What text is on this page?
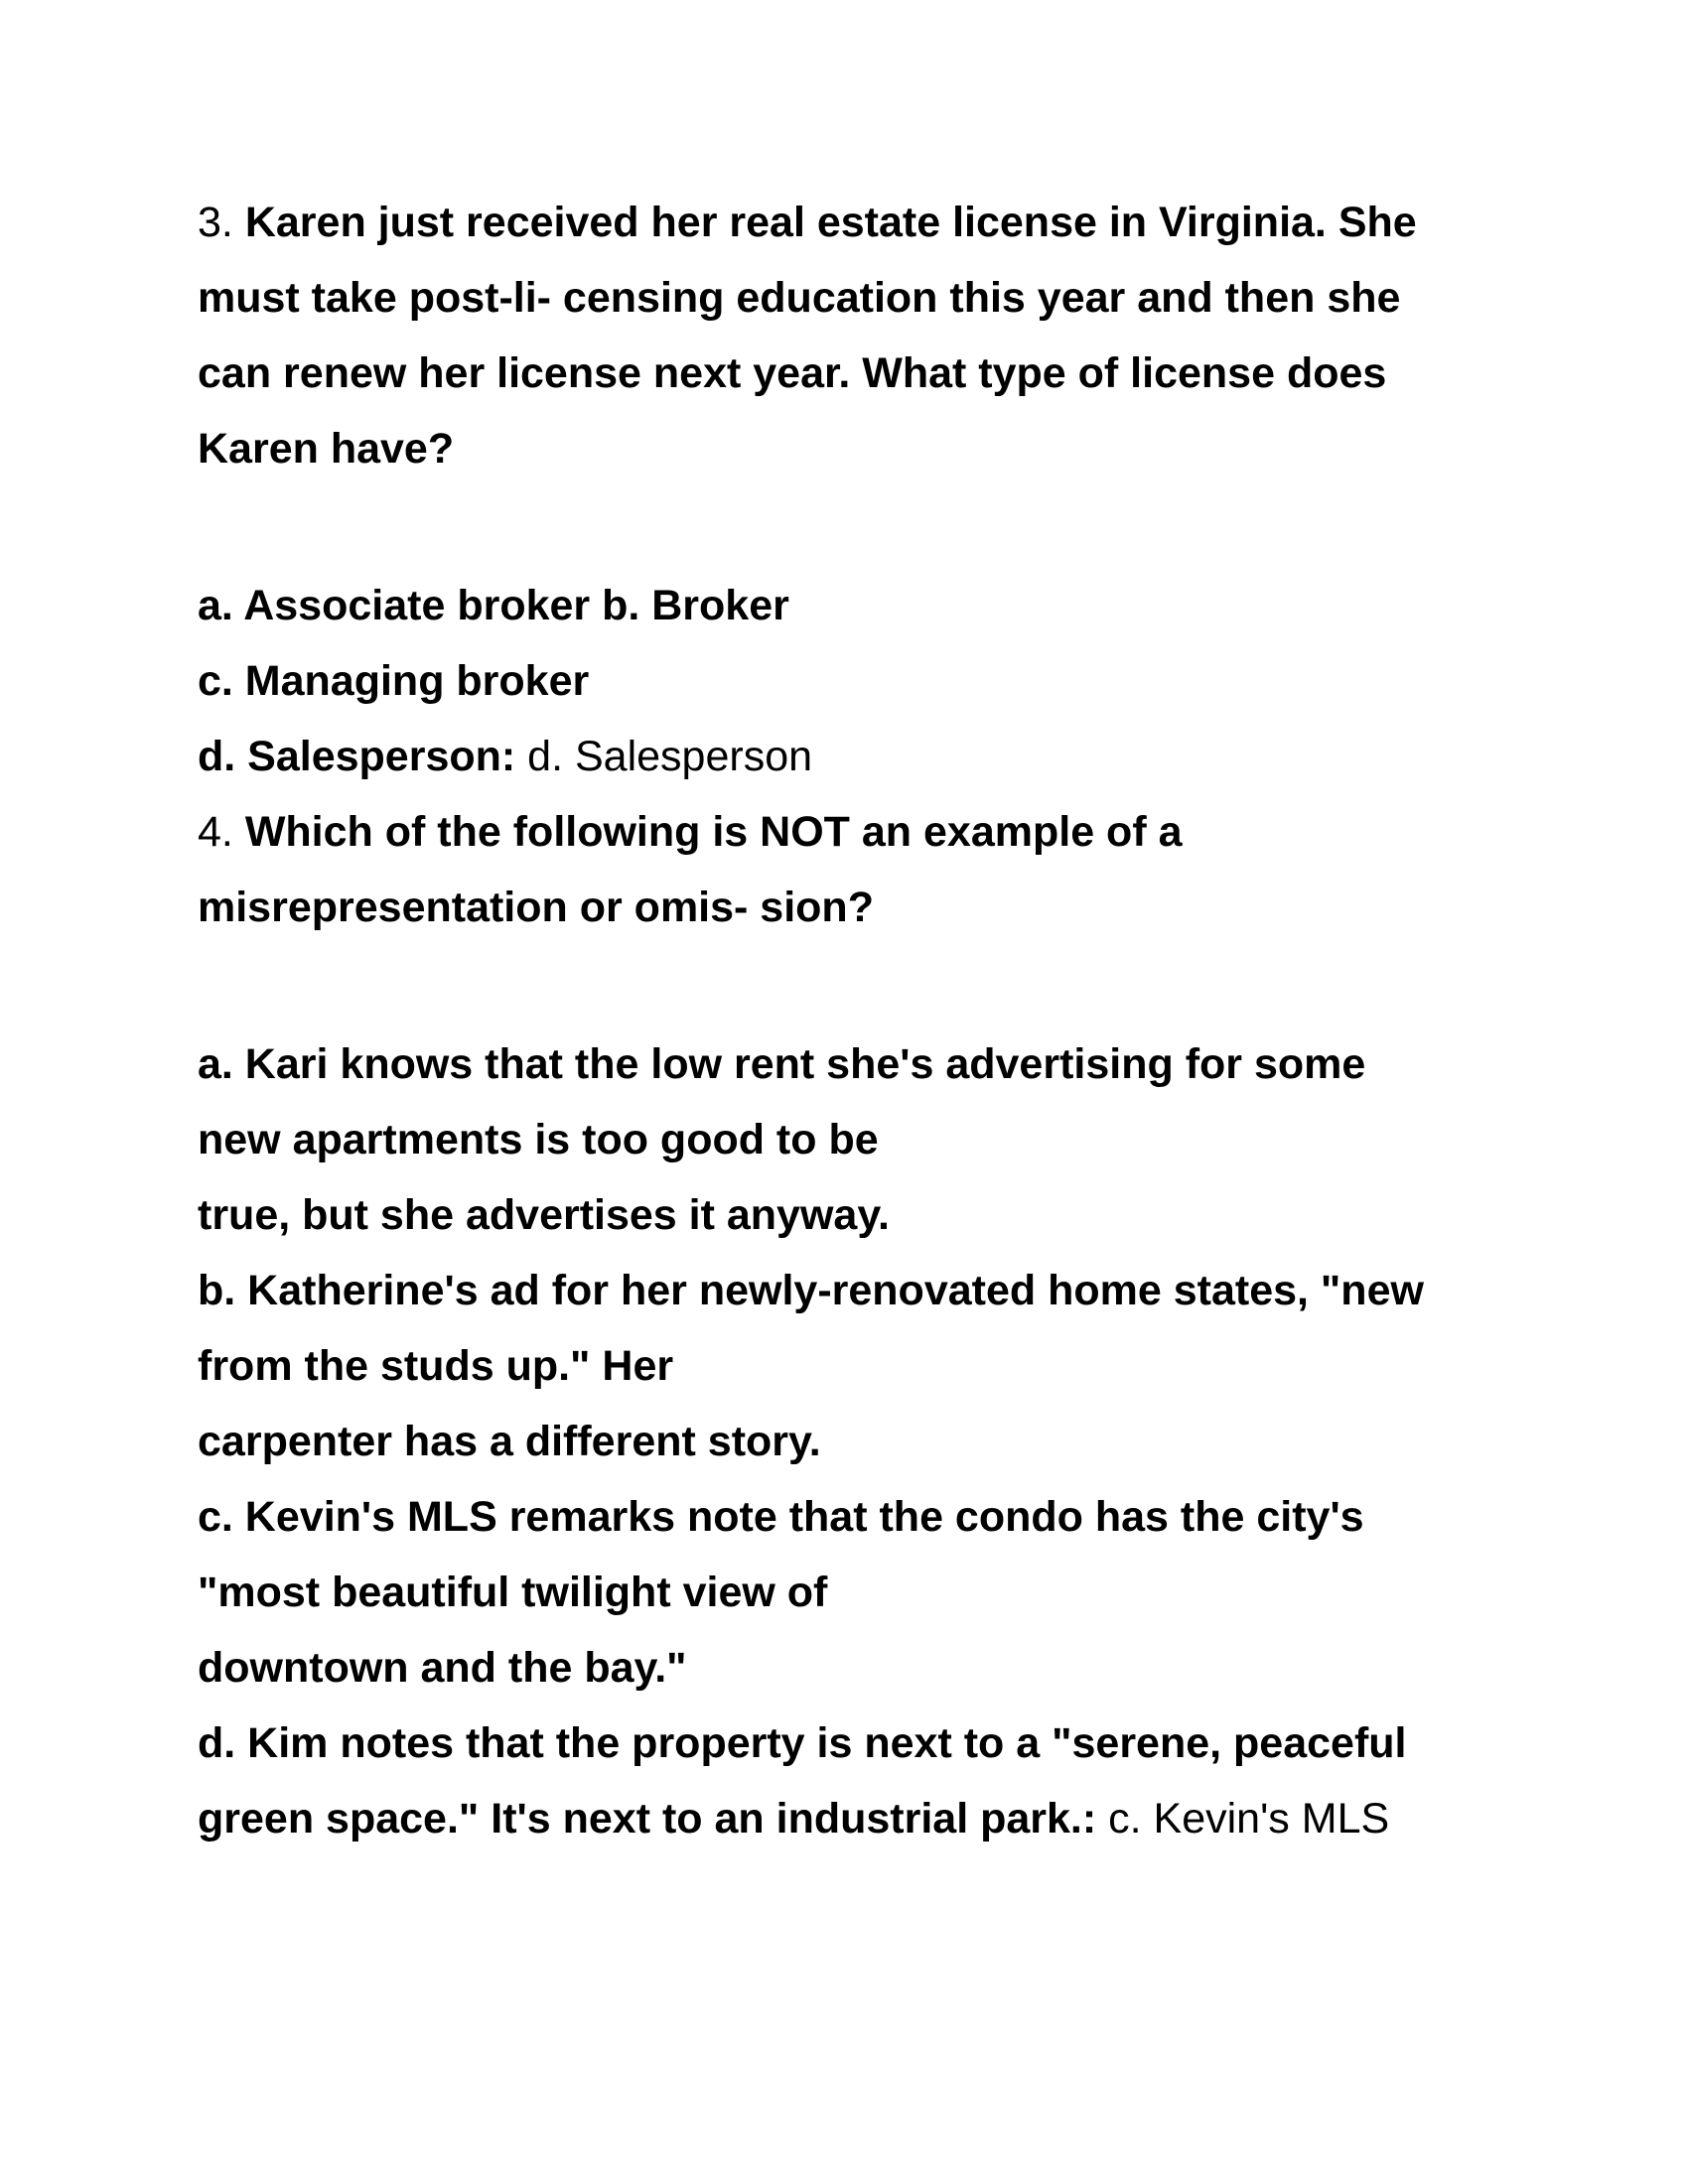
3. Karen just received her real estate license in Virginia. She

must take post-li- censing education this year and then she

can renew her license next year. What type of license does

Karen have?

a. Associate broker b. Broker

c. Managing broker

d. Salesperson: d. Salesperson

4. Which of the following is NOT an example of a

misrepresentation or omis- sion?

a. Kari knows that the low rent she's advertising for some

new apartments is too good to be

true, but she advertises it anyway.

b. Katherine's ad for her newly-renovated home states, "new

from the studs up." Her

carpenter has a different story.

c. Kevin's MLS remarks note that the condo has the city's

"most beautiful twilight view of

downtown and the bay."

d. Kim notes that the property is next to a "serene, peaceful

green space." It's next to an industrial park.: c. Kevin's MLS
